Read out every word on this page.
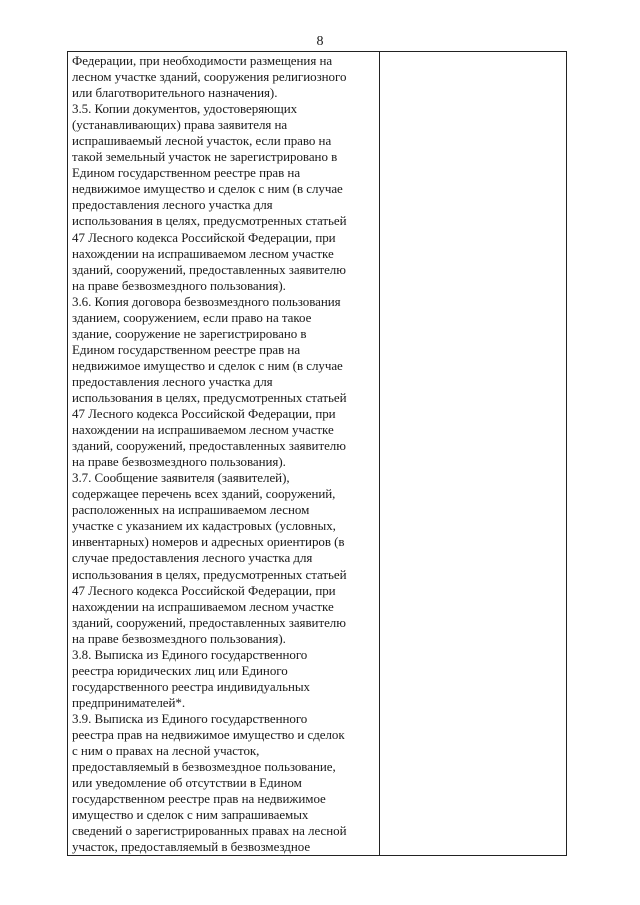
8
Федерации, при необходимости размещения на
лесном участке зданий, сооружения религиозного
или благотворительного назначения).
3.5. Копии документов, удостоверяющих
(устанавливающих) права заявителя на
испрашиваемый лесной участок, если право на
такой земельный участок не зарегистрировано в
Едином государственном реестре прав на
недвижимое имущество и сделок с ним (в случае
предоставления лесного участка для
использования в целях, предусмотренных статьей
47 Лесного кодекса Российской Федерации, при
нахождении на испрашиваемом лесном участке
зданий, сооружений, предоставленных заявителю
на праве безвозмездного пользования).
3.6. Копия договора безвозмездного пользования
зданием, сооружением, если право на такое
здание, сооружение не зарегистрировано в
Едином государственном реестре прав на
недвижимое имущество и сделок с ним (в случае
предоставления лесного участка для
использования в целях, предусмотренных статьей
47 Лесного кодекса Российской Федерации, при
нахождении на испрашиваемом лесном участке
зданий, сооружений, предоставленных заявителю
на праве безвозмездного пользования).
3.7. Сообщение заявителя (заявителей),
содержащее перечень всех зданий, сооружений,
расположенных на испрашиваемом лесном
участке с указанием их кадастровых (условных,
инвентарных) номеров и адресных ориентиров (в
случае предоставления лесного участка для
использования в целях, предусмотренных статьей
47 Лесного кодекса Российской Федерации, при
нахождении на испрашиваемом лесном участке
зданий, сооружений, предоставленных заявителю
на праве безвозмездного пользования).
3.8. Выписка из Единого государственного
реестра юридических лиц или Единого
государственного реестра индивидуальных
предпринимателей*.
3.9. Выписка из Единого государственного
реестра прав на недвижимое имущество и сделок
с ним о правах на лесной участок,
предоставляемый в безвозмездное пользование,
или уведомление об отсутствии в Едином
государственном реестре прав на недвижимое
имущество и сделок с ним запрашиваемых
сведений о зарегистрированных правах на лесной
участок, предоставляемый в безвозмездное
